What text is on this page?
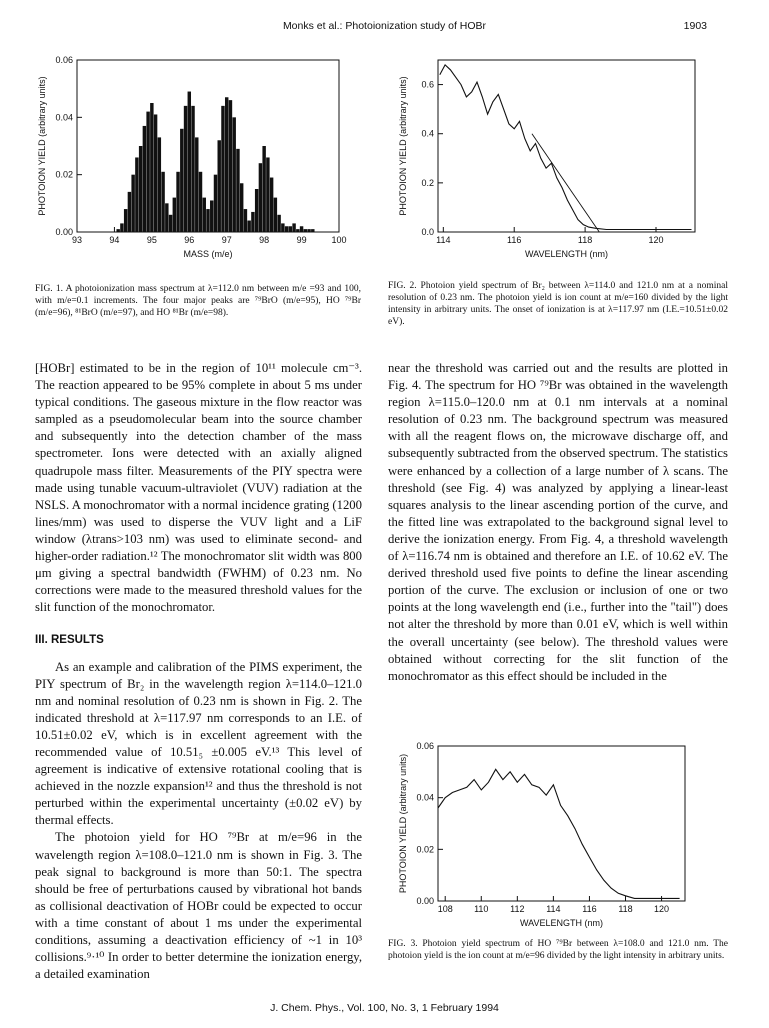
Monks et al.: Photoionization study of HOBr	1903
0.00
0.02
0.04
0.06
93	94	95	96	97	98	99	100
MASS (m/e)
PHOTOION YIELD (arbitrary units)
FIG. 1. A photoionization mass spectrum at λ=112.0 nm between m/e =93 and 100, with m/e=0.1 increments. The four major peaks are ⁷⁹BrO (m/e=95), HO ⁷⁹Br (m/e=96), ⁸¹BrO (m/e=97), and HO ⁸¹Br (m/e=98).
0.0
0.2
0.4
0.6
114	116	118	120
WAVELENGTH (nm)
PHOTOION YIELD (arbitrary units)
FIG. 2. Photoion yield spectrum of Br₂ between λ=114.0 and 121.0 nm at a nominal resolution of 0.23 nm. The photoion yield is ion count at m/e=160 divided by the light intensity in arbitrary units. The onset of ionization is at λ=117.97 nm (I.E.=10.51±0.02 eV).

[HOBr] estimated to be in the region of 10¹¹ molecule cm⁻³. The reaction appeared to be 95% complete in about 5 ms under typical conditions. The gaseous mixture in the flow reactor was sampled as a pseudomolecular beam into the source chamber and subsequently into the detection chamber of the mass spectrometer. Ions were detected with an axially aligned quadrupole mass filter. Measurements of the PIY spectra were made using tunable vacuum-ultraviolet (VUV) radiation at the NSLS. A monochromator with a normal incidence grating (1200 lines/mm) was used to disperse the VUV light and a LiF window (λtrans>103 nm) was used to eliminate second- and higher-order radiation.¹² The monochromator slit width was 800 μm giving a spectral bandwidth (FWHM) of 0.23 nm. No corrections were made to the measured threshold values for the slit function of the monochromator.

III. RESULTS

As an example and calibration of the PIMS experiment, the PIY spectrum of Br₂ in the wavelength region λ=114.0–121.0 nm and nominal resolution of 0.23 nm is shown in Fig. 2. The indicated threshold at λ=117.97 nm corresponds to an I.E. of 10.51±0.02 eV, which is in excellent agreement with the recommended value of 10.51₅ ±0.005 eV.¹³ This level of agreement is indicative of extensive rotational cooling that is achieved in the nozzle expansion¹² and thus the threshold is not perturbed within the experimental uncertainty (±0.02 eV) by thermal effects.

The photoion yield for HO ⁷⁹Br at m/e=96 in the wavelength region λ=108.0–121.0 nm is shown in Fig. 3. The peak signal to background is more than 50:1. The spectra should be free of perturbations caused by vibrational hot bands as collisional deactivation of HOBr could be expected to occur with a time constant of about 1 ms under the experimental conditions, assuming a deactivation efficiency of ~1 in 10³ collisions.⁹·¹⁰ In order to better determine the ionization energy, a detailed examination

near the threshold was carried out and the results are plotted in Fig. 4. The spectrum for HO ⁷⁹Br was obtained in the wavelength region λ=115.0–120.0 nm at 0.1 nm intervals at a nominal resolution of 0.23 nm. The background spectrum was measured with all the reagent flows on, the microwave discharge off, and subsequently subtracted from the observed spectrum. The statistics were enhanced by a collection of a large number of λ scans. The threshold (see Fig. 4) was analyzed by applying a linear-least squares analysis to the linear ascending portion of the curve, and the fitted line was extrapolated to the background signal level to derive the ionization energy. From Fig. 4, a threshold wavelength of λ=116.74 nm is obtained and therefore an I.E. of 10.62 eV. The derived threshold used five points to define the linear ascending portion of the curve. The exclusion or inclusion of one or two points at the long wavelength end (i.e., further into the "tail") does not alter the threshold by more than 0.01 eV, which is well within the overall uncertainty (see below). The threshold values were obtained without correcting for the slit function of the monochromator as this effect should be included in the

0.00
0.02
0.04
0.06
108 110 112 114 116 118 120
WAVELENGTH (nm)
PHOTOION YIELD (arbitrary units)
FIG. 3. Photoion yield spectrum of HO ⁷⁹Br between λ=108.0 and 121.0 nm. The photoion yield is the ion count at m/e=96 divided by the light intensity in arbitrary units.
J. Chem. Phys., Vol. 100, No. 3, 1 February 1994
